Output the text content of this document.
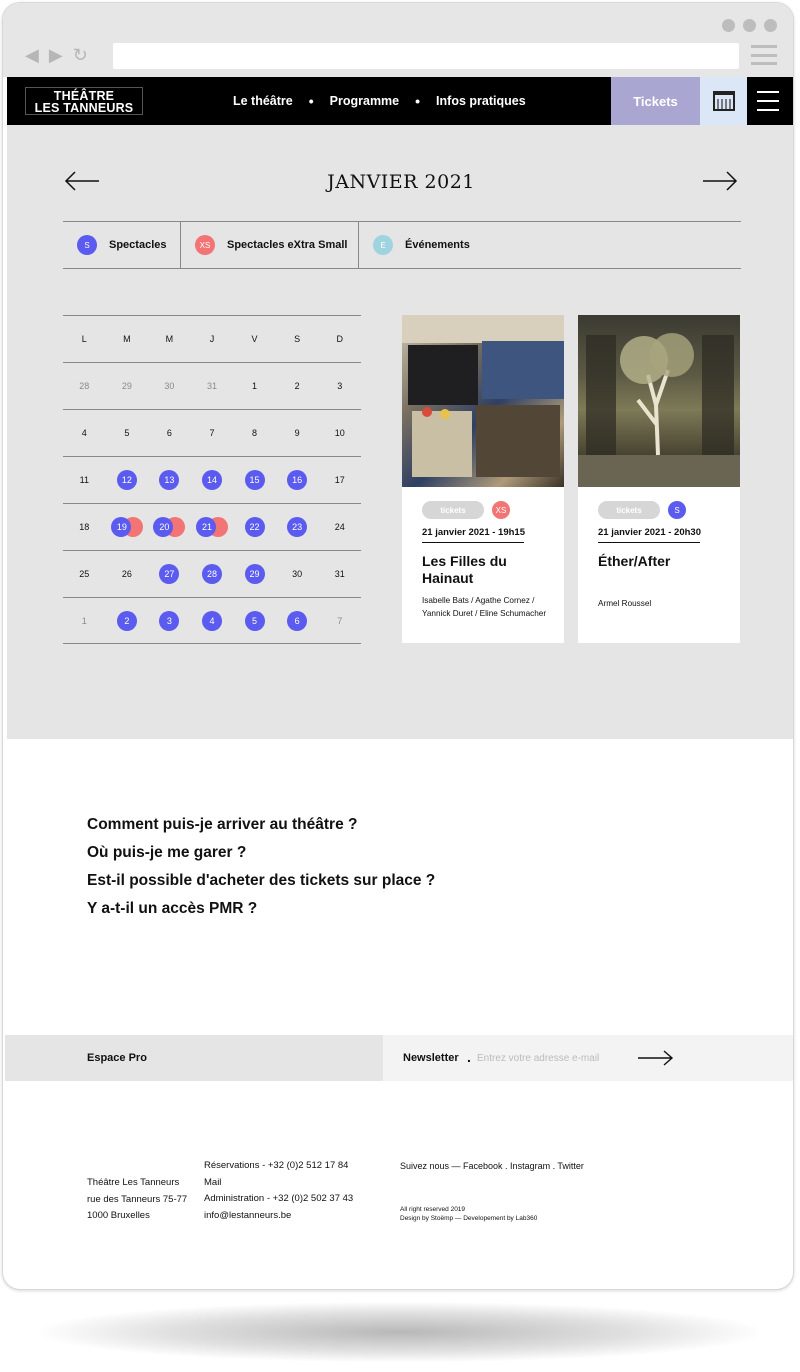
◀ ▶ ↻
THÉÂTRE
LES TANNEURS	Le théâtre • Programme • Infos pratiques	Tickets
JANVIER 2021
S	Spectacles	XS	Spectacles eXtra Small	E	Événements
L	M	M	J	V	S	D
28	29	30	31	1	2	3
4	5	6	7	8	9	10
11	12	13	14	15	16	17
18	19	20	21	22	23	24
25	26	27	28	29	30	31
1	2	3	4	5	6	7
tickets	XS
21 janvier 2021 - 19h15
Les Filles du Hainaut
Isabelle Bats / Agathe Cornez / Yannick Duret / Eline Schumacher
tickets	S
21 janvier 2021 - 20h30
Éther/After
Armel Roussel
Comment puis-je arriver au théâtre ?
Où puis-je me garer ?
Est-il possible d'acheter des tickets sur place ?
Y a-t-il un accès PMR ?
Espace Pro	Newsletter .
Entrez votre adresse e-mail
Théâtre Les Tanneurs
rue des Tanneurs 75-77
1000 Bruxelles
Réservations - +32 (0)2 512 17 84
Mail
Administration - +32 (0)2 502 37 43
info@lestanneurs.be
Suivez nous — Facebook . Instagram . Twitter
All right reserved 2019
Design by Stoëmp — Developement by Lab360
